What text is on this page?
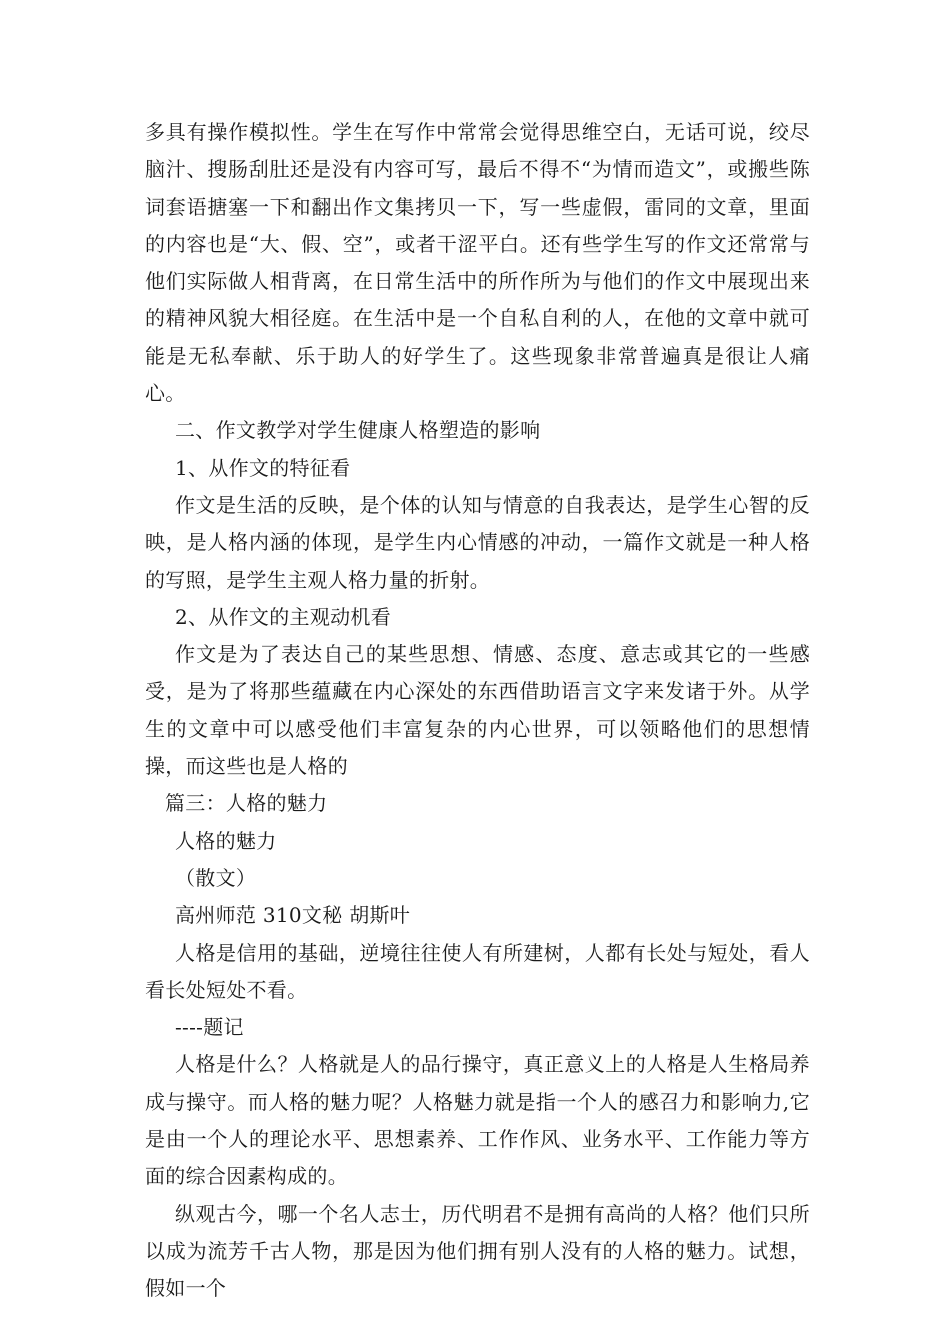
多具有操作模拟性。学生在写作中常常会觉得思维空白，无话可说，绞尽脑汁、搜肠刮肚还是没有内容可写，最后不得不“为情而造文”，或搬些陈词套语搪塞一下和翻出作文集拷贝一下，写一些虚假，雷同的文章，里面的内容也是“大、假、空”，或者干涩平白。还有些学生写的作文还常常与他们实际做人相背离，在日常生活中的所作所为与他们的作文中展现出来的精神风貌大相径庭。在生活中是一个自私自利的人，在他的文章中就可能是无私奉献、乐于助人的好学生了。这些现象非常普遍真是很让人痛心。

二、作文教学对学生健康人格塑造的影响

1、从作文的特征看

作文是生活的反映，是个体的认知与情意的自我表达，是学生心智的反映，是人格内涵的体现，是学生内心情感的冲动，一篇作文就是一种人格的写照，是学生主观人格力量的折射。

2、从作文的主观动机看

作文是为了表达自己的某些思想、情感、态度、意志或其它的一些感受，是为了将那些蕴藏在内心深处的东西借助语言文字来发诸于外。从学生的文章中可以感受他们丰富复杂的内心世界，可以领略他们的思想情操，而这些也是人格的

篇三：人格的魅力

人格的魅力

（散文）

高州师范 310文秘 胡斯叶

人格是信用的基础，逆境往往使人有所建树，人都有长处与短处，看人看长处短处不看。

----题记

人格是什么？人格就是人的品行操守，真正意义上的人格是人生格局养成与操守。而人格的魅力呢？人格魅力就是指一个人的感召力和影响力,它是由一个人的理论水平、思想素养、工作作风、业务水平、工作能力等方面的综合因素构成的。

纵观古今，哪一个名人志士，历代明君不是拥有高尚的人格？他们只所以成为流芳千古人物，那是因为他们拥有别人没有的人格的魅力。试想，假如一个
